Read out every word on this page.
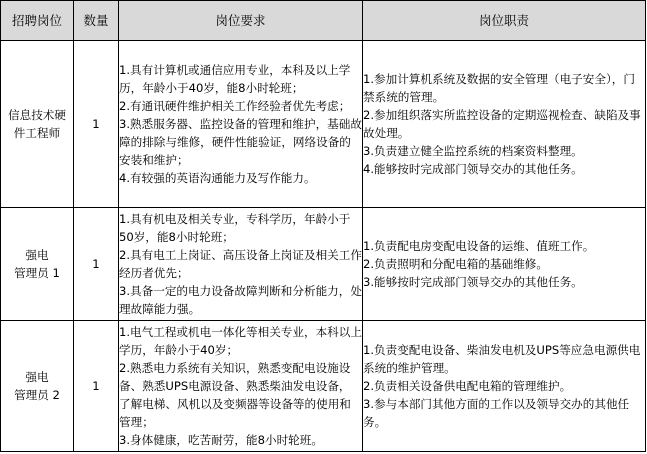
招聘岗位	数量	岗位要求	岗位职责

信息技术硬
件工程师	1	1.具有计算机或通信应用专业，本科及以上学历，年龄小于40岁，能8小时轮班；
2.有通讯硬件维护相关工作经验者优先考虑；
3.熟悉服务器、监控设备的管理和维护，基础故障的排除与维修，硬件性能验证，网络设备的安装和维护；
4.有较强的英语沟通能力及写作能力。	1.参加计算机系统及数据的安全管理（电子安全），门禁系统的管理。
2.参加组织落实所监控设备的定期巡视检查、缺陷及事故处理。
3.负责建立健全监控系统的档案资料整理。
4.能够按时完成部门领导交办的其他任务。

强电
管理员 1	1	1.具有机电及相关专业，专科学历，年龄小于50岁，能8小时轮班；
2.具有电工上岗证、高压设备上岗证及相关工作经历者优先；
3.具备一定的电力设备故障判断和分析能力，处理故障能力强。	1.负责配电房变配电设备的运维、值班工作。
2.负责照明和分配电箱的基础维修。
3.能够按时完成部门领导交办的其他任务。

强电
管理员 2	1	1.电气工程或机电一体化等相关专业，本科以上学历，年龄小于40岁；
2.熟悉电力系统有关知识，熟悉变配电设施设备、熟悉UPS电源设备、熟悉柴油发电设备，了解电梯、风机以及变频器等设备等的使用和管理；
3.身体健康，吃苦耐劳，能8小时轮班。	1.负责变配电设备、柴油发电机及UPS等应急电源供电系统的维护管理。
2.负责相关设备供电配电箱的管理维护。
3.参与本部门其他方面的工作以及领导交办的其他任务。
